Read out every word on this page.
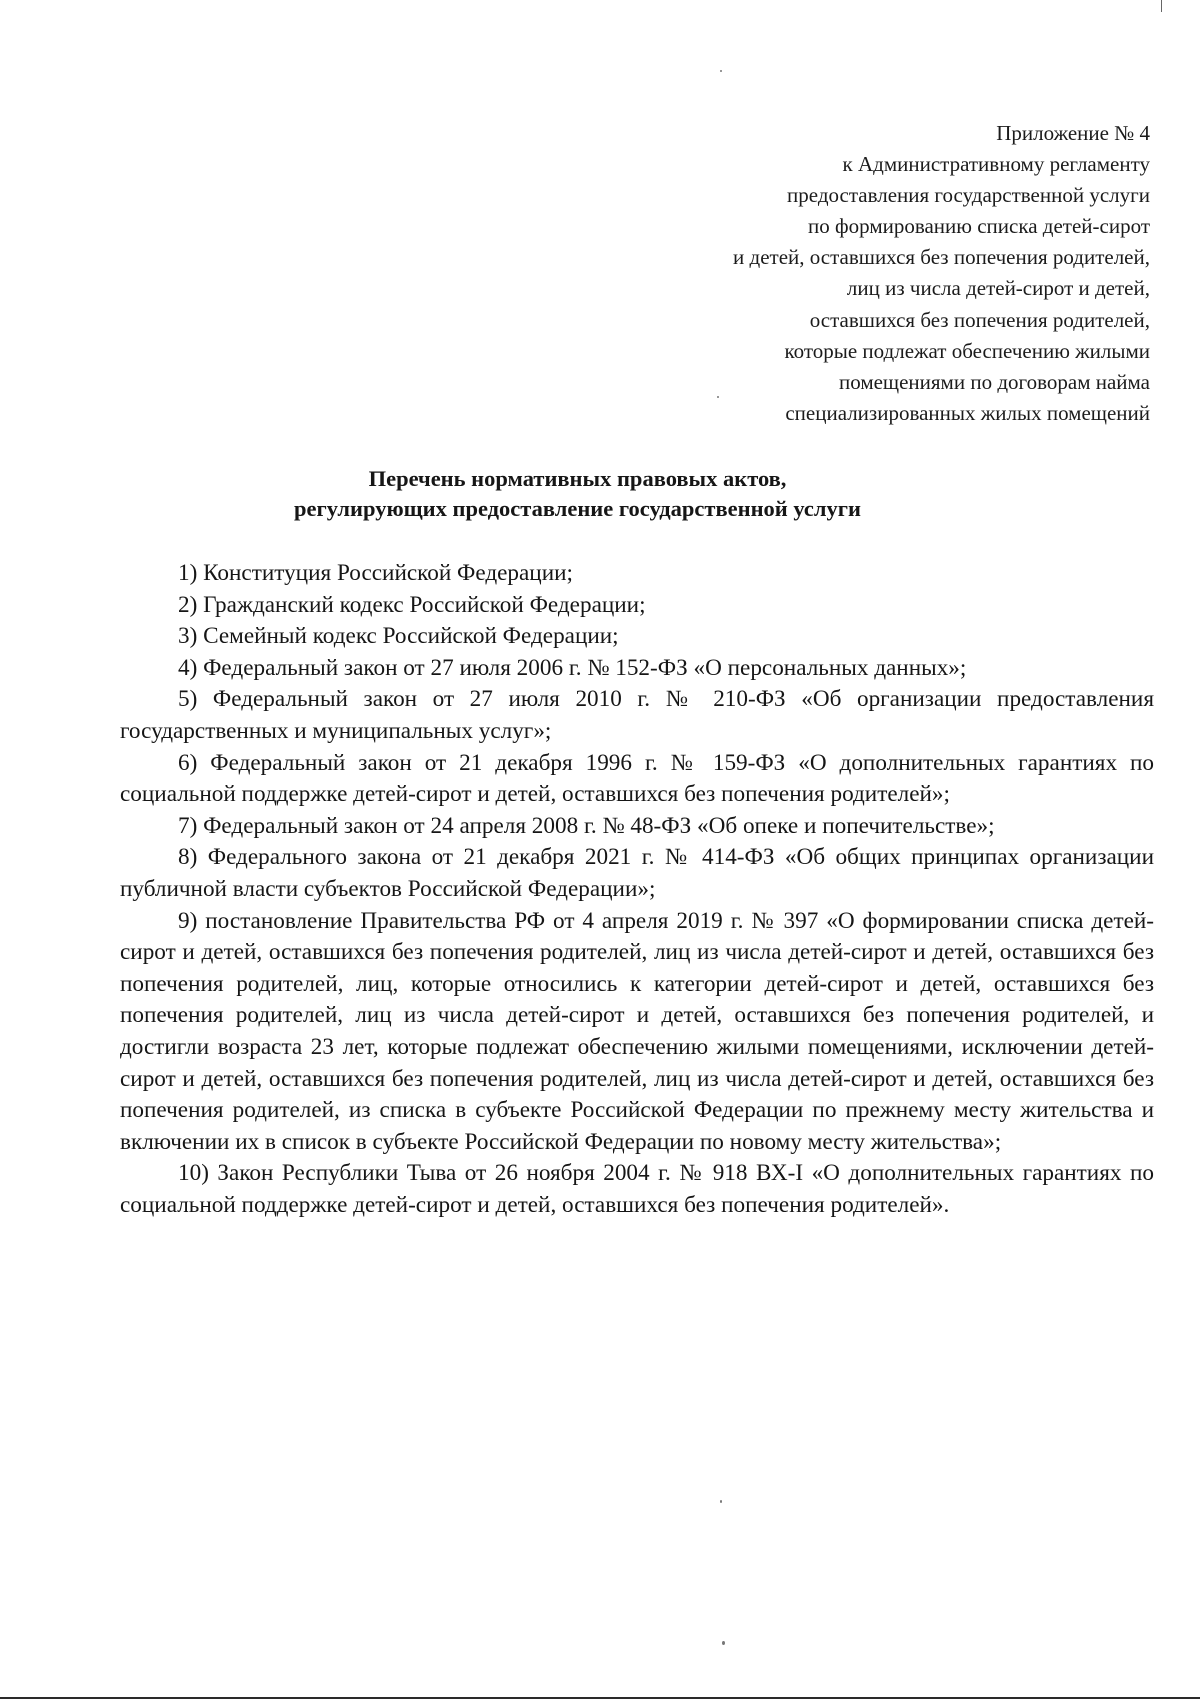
Приложение № 4
к Административному регламенту
предоставления государственной услуги
по формированию списка детей-сирот
и детей, оставшихся без попечения родителей,
лиц из числа детей-сирот и детей,
оставшихся без попечения родителей,
которые подлежат обеспечению жилыми
помещениями по договорам найма
специализированных жилых помещений
Перечень нормативных правовых актов,
регулирующих предоставление государственной услуги

1) Конституция Российской Федерации;

2) Гражданский кодекс Российской Федерации;

3) Семейный кодекс Российской Федерации;

4) Федеральный закон от 27 июля 2006 г. № 152-ФЗ «О персональных данных»;

5) Федеральный закон от 27 июля 2010 г. № 210-ФЗ «Об организации предоставления государственных и муниципальных услуг»;

6) Федеральный закон от 21 декабря 1996 г. № 159-ФЗ «О дополнительных гарантиях по социальной поддержке детей-сирот и детей, оставшихся без попечения родителей»;

7) Федеральный закон от 24 апреля 2008 г. № 48-ФЗ «Об опеке и попечительстве»;

8) Федерального закона от 21 декабря 2021 г. № 414-ФЗ «Об общих принципах организации публичной власти субъектов Российской Федерации»;

9) постановление Правительства РФ от 4 апреля 2019 г. № 397 «О формировании списка детей-сирот и детей, оставшихся без попечения родителей, лиц из числа детей-сирот и детей, оставшихся без попечения родителей, лиц, которые относились к категории детей-сирот и детей, оставшихся без попечения родителей, лиц из числа детей-сирот и детей, оставшихся без попечения родителей, и достигли возраста 23 лет, которые подлежат обеспечению жилыми помещениями, исключении детей-сирот и детей, оставшихся без попечения родителей, лиц из числа детей-сирот и детей, оставшихся без попечения родителей, из списка в субъекте Российской Федерации по прежнему месту жительства и включении их в список в субъекте Российской Федерации по новому месту жительства»;

10) Закон Республики Тыва от 26 ноября 2004 г. № 918 ВХ-I «О дополнительных гарантиях по социальной поддержке детей-сирот и детей, оставшихся без попечения родителей».
